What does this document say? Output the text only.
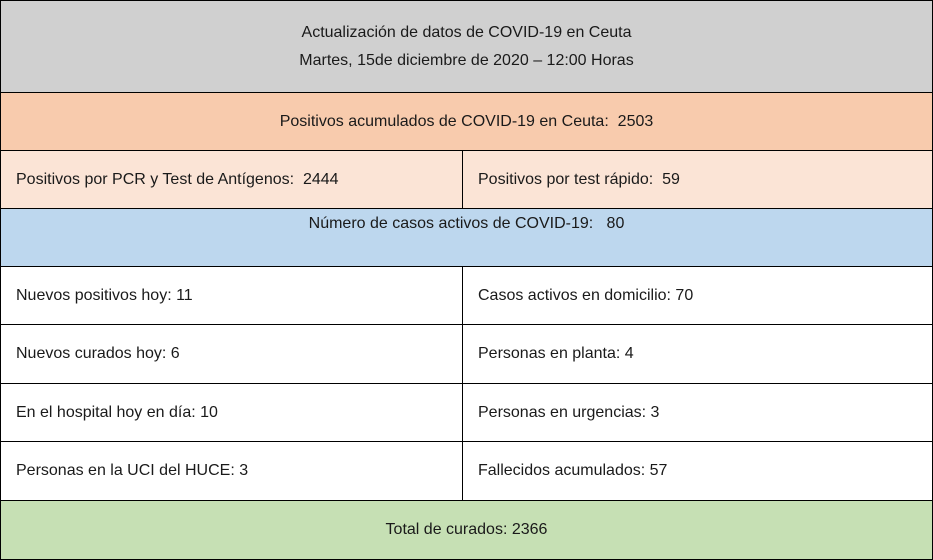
Actualización de datos de COVID-19 en Ceuta
Martes, 15de diciembre de 2020 – 12:00 Horas
Positivos acumulados de COVID-19 en Ceuta:  2503
Positivos por PCR y Test de Antígenos:  2444	Positivos por test rápido:  59
Número de casos activos de COVID-19:   80
Nuevos positivos hoy: 11	Casos activos en domicilio: 70
Nuevos curados hoy: 6	Personas en planta: 4
En el hospital hoy en día: 10	Personas en urgencias: 3
Personas en la UCI del HUCE: 3	Fallecidos acumulados: 57
Total de curados: 2366
